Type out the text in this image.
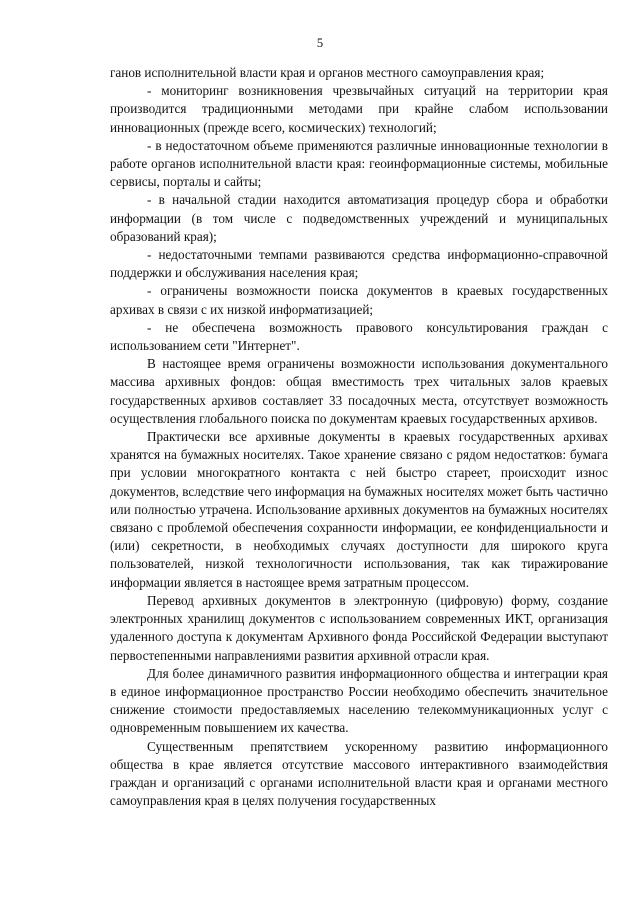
5

ганов исполнительной власти края и органов местного самоуправления края;

- мониторинг возникновения чрезвычайных ситуаций на территории края производится традиционными методами при крайне слабом использовании инновационных (прежде всего, космических) технологий;

- в недостаточном объеме применяются различные инновационные технологии в работе органов исполнительной власти края: геоинформационные системы, мобильные сервисы, порталы и сайты;

- в начальной стадии находится автоматизация процедур сбора и обработки информации (в том числе с подведомственных учреждений и муниципальных образований края);

- недостаточными темпами развиваются средства информационно-справочной поддержки и обслуживания населения края;

- ограничены возможности поиска документов в краевых государственных архивах в связи с их низкой информатизацией;

- не обеспечена возможность правового консультирования граждан с использованием сети "Интернет".

В настоящее время ограничены возможности использования документального массива архивных фондов: общая вместимость трех читальных залов краевых государственных архивов составляет 33 посадочных места, отсутствует возможность осуществления глобального поиска по документам краевых государственных архивов.

Практически все архивные документы в краевых государственных архивах хранятся на бумажных носителях. Такое хранение связано с рядом недостатков: бумага при условии многократного контакта с ней быстро стареет, происходит износ документов, вследствие чего информация на бумажных носителях может быть частично или полностью утрачена. Использование архивных документов на бумажных носителях связано с проблемой обеспечения сохранности информации, ее конфиденциальности и (или) секретности, в необходимых случаях доступности для широкого круга пользователей, низкой технологичности использования, так как тиражирование информации является в настоящее время затратным процессом.

Перевод архивных документов в электронную (цифровую) форму, создание электронных хранилищ документов с использованием современных ИКТ, организация удаленного доступа к документам Архивного фонда Российской Федерации выступают первостепенными направлениями развития архивной отрасли края.

Для более динамичного развития информационного общества и интеграции края в единое информационное пространство России необходимо обеспечить значительное снижение стоимости предоставляемых населению телекоммуникационных услуг с одновременным повышением их качества.

Существенным препятствием ускоренному развитию информационного общества в крае является отсутствие массового интерактивного взаимодействия граждан и организаций с органами исполнительной власти края и органами местного самоуправления края в целях получения государственных
